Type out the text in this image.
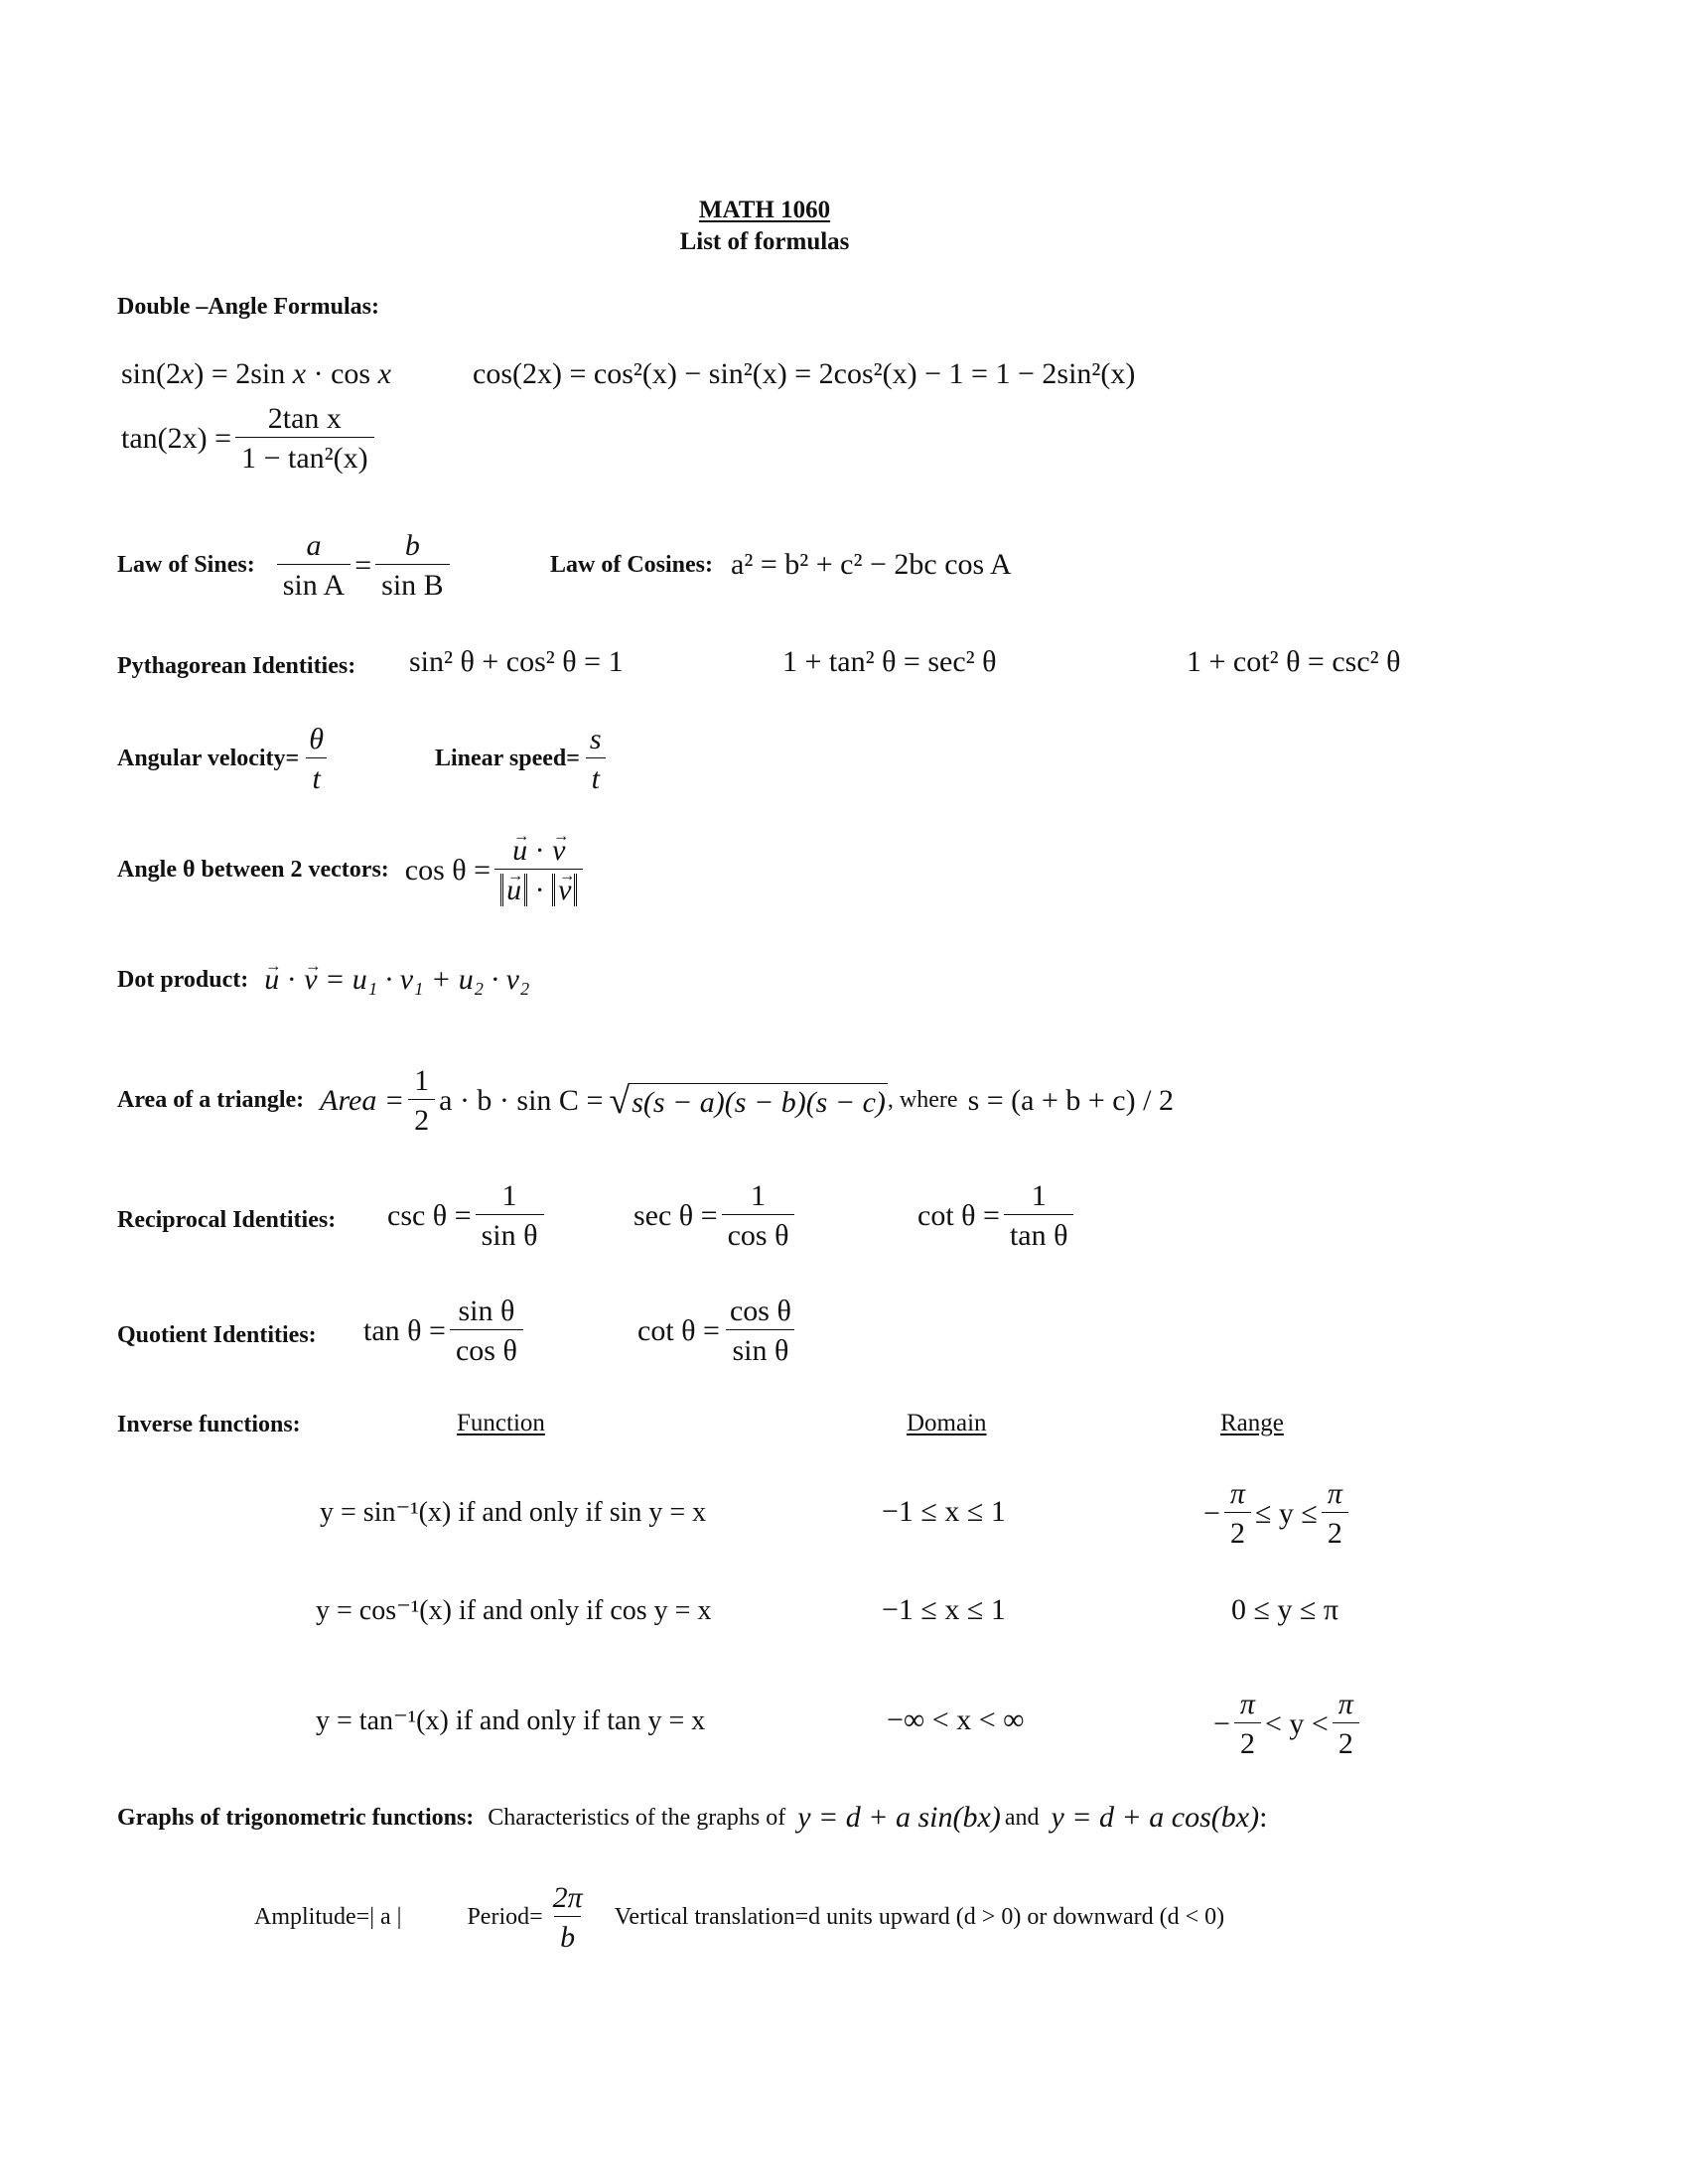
MATH 1060
List of formulas
Double –Angle Formulas:
sin(2x) = 2sin x · cos x	cos(2x) = cos²(x) − sin²(x) = 2cos²(x) − 1 = 1 − 2sin²(x)
$\tan(2x) = \frac{\text{2tan x}}{\text{1 − tan²(x)}}$
Law of Sines: $\frac{a}{\text{sin A}} = \frac{b}{\text{sin B}}$	Law of Cosines: a² = b² + c² − 2bc cos A
Pythagorean Identities: sin² θ + cos² θ = 1	1 + tan² θ = sec² θ	1 + cot² θ = csc² θ
Angular velocity= $\frac{\theta}{t}$	Linear speed= $\frac{s}{t}$
Angle θ between 2 vectors: cos θ = → u · → v
→ u · → v
Dot product: → u · → v = u₁ · v₁ + u₂ · v₂
Area of a triangle: Area = $\frac{1}{2}$ a · b · sin C = √ s(s − a)(s − b)(s − c) , where s = (a + b + c) / 2
Reciprocal Identities: $\csc \theta = \frac{1}{\text{sin θ}}$	$\sec \theta = \frac{1}{\text{cos θ}}$	$\cot \theta = \frac{1}{\text{tan θ}}$
Quotient Identities: $\tan \theta = \frac{\text{sin θ}}{\text{cos θ}}$	$\cot \theta = \frac{\text{cos θ}}{\text{sin θ}}$
Inverse functions:	Function	Domain	Range
y = sin⁻¹(x) if and only if sin y = x	−1 ≤ x ≤ 1	− $\frac{\pi}{2} \le y \le \frac{\pi}{2}$
y = cos⁻¹(x) if and only if cos y = x	−1 ≤ x ≤ 1	0 ≤ y ≤ π
y = tan⁻¹(x) if and only if tan y = x	−∞ < x < ∞	− $\frac{\pi}{2} < y < \frac{\pi}{2}$
Graphs of trigonometric functions: Characteristics of the graphs of y = d + a sin(bx) and y = d + a cos(bx) :
Amplitude=| a |	Period= $\frac{2\pi}{b}$ Vertical translation=d units upward (d > 0) or downward (d < 0)
